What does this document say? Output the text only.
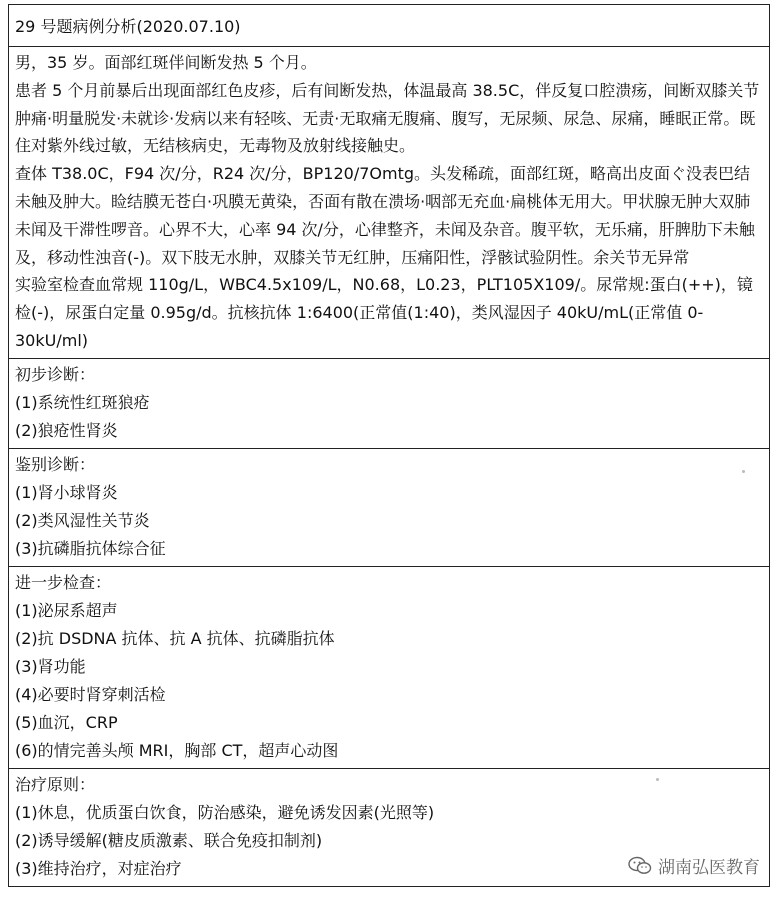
29 号题病例分析(2020.07.10)

男，35 岁。面部红斑伴间断发热 5 个月。

患者 5 个月前暴后出现面部红色皮疹，后有间断发热，体温最高 38.5C，伴反复口腔溃疡，间断双膝关节肿痛·明量脱发·未就诊·发病以来有轻咳、无责·无取痛无腹痛、腹写，无尿频、尿急、尿痛，睡眠正常。既住对紫外线过敏，无结核病史，无毒物及放射线接触史。

查体 T38.0C，F94 次/分，R24 次/分，BP120/7Omtg。头发稀疏，面部红斑，略高出皮面ぐ没表巴结未触及肿大。睑结膜无苍白·巩膜无黄染，否面有散在溃场·咽部无充血·扁桃体无用大。甲状腺无肿大双肺未闻及干滞性啰音。心界不大，心率 94 次/分，心律整齐，未闻及杂音。腹平软，无乐痛，肝脾肋下未触及，移动性浊音(-)。双下肢无水肿，双膝关节无红肿，压痛阳性，浮骸试验阴性。余关节无异常

实验室检查血常规 110g/L，WBC4.5x109/L，N0.68，L0.23，PLT105X109/。尿常规:蛋白(++)，镜检(-)，尿蛋白定量 0.95g/d。抗核抗体 1:6400(正常值(1:40)，类风湿因子 40kU/mL(正常值 0-30kU/ml)

初步诊断：
(1)系统性红斑狼疮
(2)狼疮性肾炎
鉴别诊断：
(1)肾小球肾炎
(2)类风湿性关节炎
(3)抗磷脂抗体综合征
进一步检查：
(1)泌尿系超声
(2)抗 DSDNA 抗体、抗 A 抗体、抗磷脂抗体
(3)肾功能
(4)必要时肾穿刺活检
(5)血沉，CRP
(6)的情完善头颅 MRI，胸部 CT，超声心动图
治疗原则：
(1)休息，优质蛋白饮食，防治感染，避免诱发因素(光照等)
(2)诱导缓解(糖皮质激素、联合免疫扣制剂)
(3)维持治疗，对症治疗	湖南弘医教育
